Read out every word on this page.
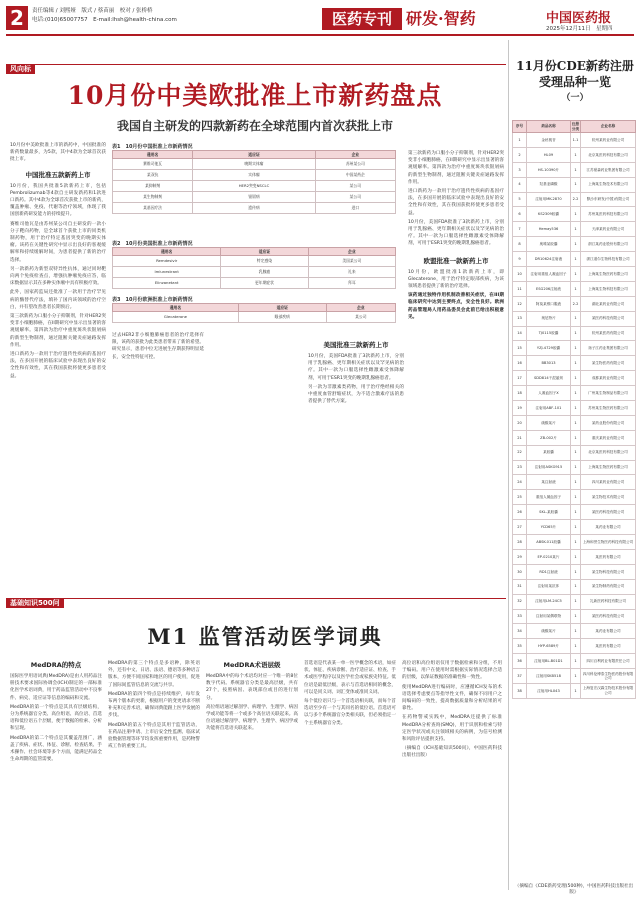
2	责任编辑 / 刘熙娅　版式 / 蔡苗丽　校对 / 张桥桥
电话:(010)65007757　E-mail:lhsh@health-china.com	医药专刊 研发·智药	中国医药报
2025年12月11日　星期四
风向标
10月份中美欧批准上市新药盘点
我国自主研发的四款新药在全球范围内首次获批上市

10月份中美欧批准上市的新药中，中国批准的新药数量最多，为5款，其中4款为全球首次获批上市。

中国批准五款新药上市

10月份，我国共批准5款新药上市，包括Pembrolizumab等4款自主研发新药和1款进口新药。其中4款为全球首次获批上市的新药，覆盖肿瘤、免疫、代谢等治疗领域，体现了我国创新药研发能力的持续提升。

赛维司他瓦是由苏州某公司自主研发的一款小分子靶向药物，是全球首个获批上市的同类机制药物，用于治疗特定基因突变的晚期实体瘤。该药在关键性研究中显示出良好的客观缓解率和持续缓解时间，为患者提供了新的治疗选择。

另一款新药为新型双特异性抗体，通过同时靶向两个免疫检查点，增强抗肿瘤免疫应答，临床数据显示其在多种实体瘤中具有积极疗效。

此外，国家药监局还批准了一款用于治疗罕见病的酶替代疗法，填补了国内该领域的治疗空白，并有望改善患者长期预后。

第三款新药为口服小分子抑制剂，针对HER2突变非小细胞肺癌，在II期研究中显示出显著的客观缓解率。第四款为治疗中重度斑块状银屑病的新型生物制剂，通过阻断关键炎症通路发挥作用。

进口新药为一款用于治疗遗传性疾病的基因疗法，在多国开展的临床试验中表现出良好的安全性和有效性，其在我国获批将使更多患者受益。

表1　10月份中国批准上市新药情况
通用名	适应证	企业
赛维司他瓦	晚期实体瘤	苏州某公司
某双抗	实体瘤	中国某药企
某抑制剂	HER2突变NSCLC	某公司
某生物制剂	银屑病	某公司
某基因疗法	遗传病	进口
表2　10月份美国批准上市新药情况
通用名	适应证	企业
Remdesivir	特定感染	美国某公司
Imlunestrant	乳腺癌	礼来
Elinzanetant	更年期症状	拜耳
表3　10月份欧洲批准上市新药情况
通用名	适应证	企业
Glecaterone	眼部疾病	某公司

过去HER2非小细胞肺癌患者的治疗选择有限，该药的获批为此类患者带来了新的希望。研究显示，患者中位无进展生存期获得明显延长，安全性特征可控。

美国批准三款新药上市

10月份，美国FDA批准了3款新药上市，分别用于乳腺癌、更年期相关症状以及罕见病的治疗。其中一款为口服选择性雌激素受体降解剂，可用于ESR1突变的晚期乳腺癌患者。

另一款为非激素类药物，用于治疗绝经相关的中重度血管舒缩症状，为不适合激素疗法的患者提供了替代方案。

第三款新药为口服小分子抑制剂，针对HER2突变非小细胞肺癌，在II期研究中显示出显著的客观缓解率。第四款为治疗中重度斑块状银屑病的新型生物制剂，通过阻断关键炎症通路发挥作用。

进口新药为一款用于治疗遗传性疾病的基因疗法，在多国开展的临床试验中表现出良好的安全性和有效性，其在我国获批将使更多患者受益。

10月份，美国FDA批准了3款新药上市，分别用于乳腺癌、更年期相关症状以及罕见病的治疗。其中一款为口服选择性雌激素受体降解剂，可用于ESR1突变的晚期乳腺癌患者。

欧盟批准一款新药上市

10月份，欧盟批准1款新药上市，即Glecaterone，用于治疗特定眼部疾病，为该领域患者提供了新的治疗选择。

该药通过独特作用机制改善相关症状，在III期临床研究中达到主要终点，安全性良好。欧洲药品管理局人用药品委员会此前已给出积极意见。

基础知识500问
M1 监管活动医学词典

MedDRA的特点

国际医学用语词典(MedDRA)是由人用药品注册技术要求国际协调会(ICH)制定的一部标准化医学术语词典，用于药品监管活动中不良事件、病史、适应证等信息的编码和交流。

MedDRA的第一个特点是其具有层级结构，分为系统器官分类、高位组语、高位语、首选语和低位语五个层级，便于数据的检索、分析和呈现。

MedDRA的第二个特点是其覆盖范围广，涵盖了疾病、症状、体征、诊断、检查结果、手术操作、社会环境等多个方面，能满足药品全生命周期的监管需要。

MedDRA的第三个特点是多语种，除英语外，还有中文、日语、法语、德语等多种语言版本，方便不同国家和地区的用户使用，促进了国际间监管信息的交流与共享。

MedDRA的第四个特点是持续维护，每年发布两个版本的更新，根据用户的变更请求不断补充和完善术语，确保词典能跟上医学发展的步伐。

MedDRA的第五个特点是其用于监管活动，在药品注册申请、上市后安全性监测、临床试验数据管理等环节均发挥重要作用，是药物警戒工作的重要工具。

MedDRA术语层级

MedDRA中的每个术语均对应一个唯一的8位数字代码。系统器官分类是最高层级，共有27个，按照病因、表现部位或目的进行划分。

高位组语通过解剖学、病理学、生理学、病因学或功能等将一个或多个高位语关联起来。高位语通过解剖学、病理学、生理学、病因学或功能将首选语关联起来。

首选语是代表某一单一医学概念的术语，如症状、体征、疾病诊断、治疗适应证、检查、手术或医学程序以及医学社会或家族史特征。低位语是最低层级，表示与首选语相同的概念，可以是同义词、词汇变体或准同义词。

每个低位语只与一个首选语相关联，而每个首选语至少有一个与其同名的低位语。首选语可以与多个系统器官分类相关联，但必须指定一个主系统器官分类。

高位语和高位组语仅用于数据检索和分组，不用于编码。用户在使用时需根据实际情况选择合适的层级，以保证数据的准确性和一致性。

使用MedDRA进行编码时，应遵循ICH发布的术语选择考虑要点等指导性文件，确保不同用户之间编码的一致性，提高数据质量和分析结果的可靠性。

在药物警戒实践中，MedDRA还提供了标准MedDRA分析查询(SMQ)，用于识别和检索与特定医学状况或关注领域相关的病例，为信号检测和风险评估提供支持。

（摘编自《ICH基础知识500问》，中国医药科技出版社出版）

11月份CDE新药注册受理品种一览
（一）
序号	药品名称	注册分类	企业名称
1	金丝桃苷	1.1	杭州某药业有限公司
2	HL09	1	北京某医药科技有限公司
3	HS-10390片	1	江苏豪森药业集团有限公司
4	羟基亚磷酸	1	上海某生物技术有限公司
5	注射用MK-2870	2.2	默沙东研发(中国)有限公司
6	KS2309胶囊	1	苏州某医药科技有限公司
7	Hemay536	1	天津某药业有限公司
8	奥嗪某胶囊	1	浙江某药业股份有限公司
9	DR10624注射液	1	浙江道尔生物科技有限公司
10	注射用重组人凝血因子	1	上海某生物医药有限公司
11	ESG206注射液	1	上海某生物科技有限公司
12	阿莫某维口服液	2.2	湖北某药业有限公司
13	奥尼特片	1	某医药科技有限公司
14	TJ0115胶囊	1	杭州某医药有限公司
15	YZJ-4729胶囊	1	扬子江药业集团有限公司
16	BB3013	1	某生物医药有限公司
17	SDD814干混悬剂	1	成都某药业有限公司
18	人凝血因子X	1	广州某生物制品有限公司
19	注射用ABF-101	1	苏州某生物医药有限公司
20	硫酸某片	1	某药业股份有限公司
21	ZB-002片	1	重庆某药业有限公司
22	某胶囊	1	北京某医药科技有限公司
23	注射用ASKG915	1	上海某生物医药有限公司
24	某注射液	1	四川某药业有限公司
25	重组人凝血因子	1	某生物技术有限公司
26	SKL-某胶囊	1	某医药科技有限公司
27	YCD65片	1	某药业有限公司
28	ABSK-011胶囊	1	上海和誉生物医药科技有限公司
29	EP-0210某片	1	某医药有限公司
30	RD1注射液	1	某生物科技有限公司
31	注射用某抗体	1	某生物制药有限公司
32	注射用LM-24C5	1	礼新医药科技有限公司
33	注射用某偶联物	1	某医药科技有限公司
34	硫酸某片	1	某药业有限公司
35	HYP-6589片	1	某医药有限公司
36	注射用BL-B01D1	1	四川百利药业有限责任公司
37	注射用SKB518	1	四川科伦博泰生物医药股份有限公司
38	注射用HLX43	1	上海复宏汉霖生物技术股份有限公司
（摘编自《CDE新药受理(500种)，中国医药科技出版社出版》
